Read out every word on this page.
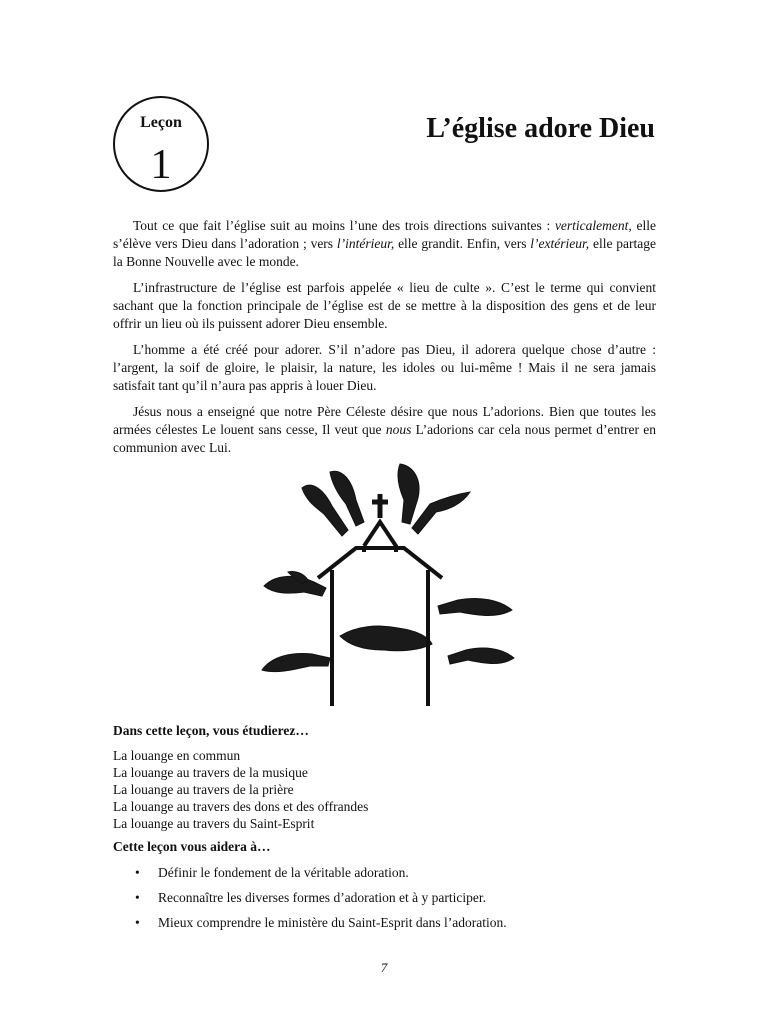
Leçon
1
L’église adore Dieu

Tout ce que fait l’église suit au moins l’une des trois directions suivantes : verticalement, elle s’élève vers Dieu dans l’adoration ; vers l’intérieur, elle grandit. Enfin, vers l’extérieur, elle partage la Bonne Nouvelle avec le monde.

L’infrastructure de l’église est parfois appelée « lieu de culte ». C’est le terme qui convient sachant que la fonction principale de l’église est de se mettre à la disposition des gens et de leur offrir un lieu où ils puissent adorer Dieu ensemble.

L’homme a été créé pour adorer. S’il n’adore pas Dieu, il adorera quelque chose d’autre : l’argent, la soif de gloire, le plaisir, la nature, les idoles ou lui-même ! Mais il ne sera jamais satisfait tant qu’il n’aura pas appris à louer Dieu.

Jésus nous a enseigné que notre Père Céleste désire que nous L’adorions. Bien que toutes les armées célestes Le louent sans cesse, Il veut que nous L’adorions car cela nous permet d’entrer en communion avec Lui.

Dans cette leçon, vous étudierez…

La louange en commun
La louange au travers de la musique
La louange au travers de la prière
La louange au travers des dons et des offrandes
La louange au travers du Saint-Esprit

Cette leçon vous aidera à…

• Définir le fondement de la véritable adoration.
• Reconnaître les diverses formes d’adoration et à y participer.
• Mieux comprendre le ministère du Saint-Esprit dans l’adoration.
7
